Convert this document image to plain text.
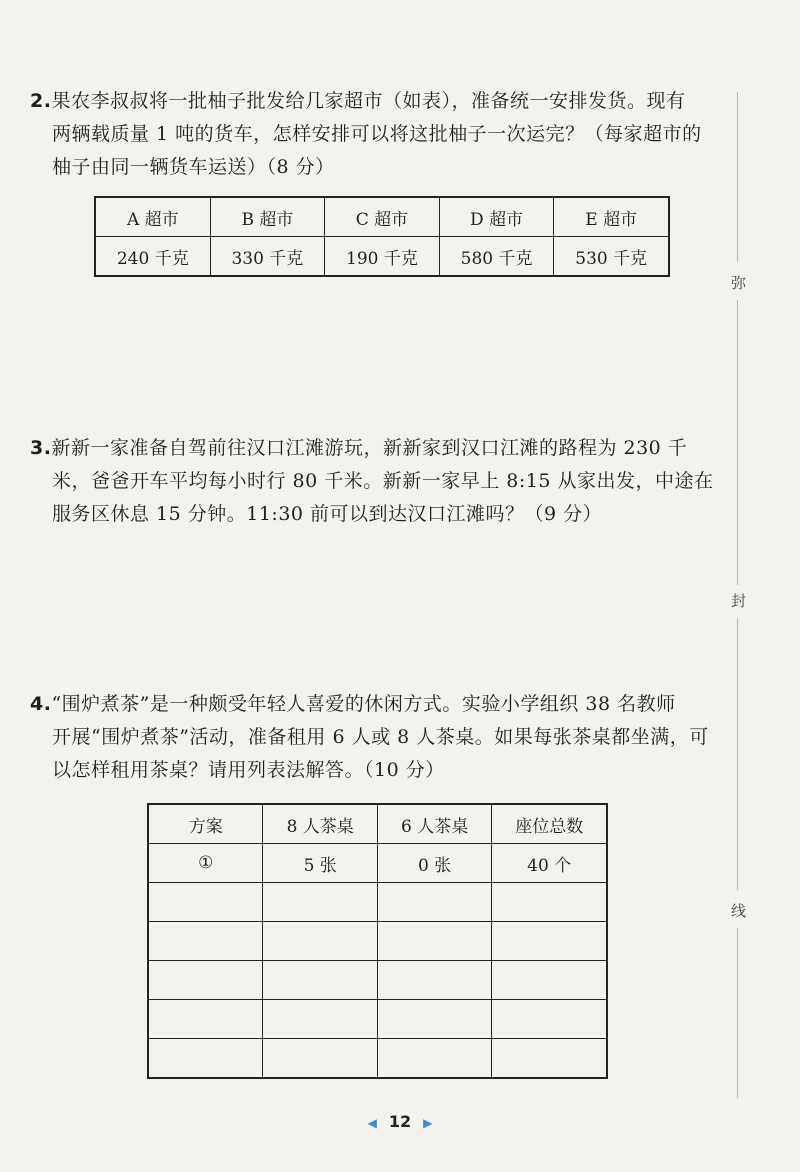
2.果农李叔叔将一批柚子批发给几家超市（如表），准备统一安排发货。现有

两辆载质量 1 吨的货车，怎样安排可以将这批柚子一次运完？（每家超市的

柚子由同一辆货车运送）（8 分）

A 超市	B 超市	C 超市	D 超市	E 超市
240 千克	330 千克	190 千克	580 千克	530 千克

3.新新一家准备自驾前往汉口江滩游玩，新新家到汉口江滩的路程为 230 千

米，爸爸开车平均每小时行 80 千米。新新一家早上 8:15 从家出发，中途在

服务区休息 15 分钟。11:30 前可以到达汉口江滩吗？（9 分）

4.“围炉煮茶”是一种颇受年轻人喜爱的休闲方式。实验小学组织 38 名教师

开展“围炉煮茶”活动，准备租用 6 人或 8 人茶桌。如果每张茶桌都坐满，可

以怎样租用茶桌？请用列表法解答。（10 分）

方案	8 人茶桌	6 人茶桌	座位总数
①	5 张	0 张	40 个

弥
封
线
◀ 12 ▶
